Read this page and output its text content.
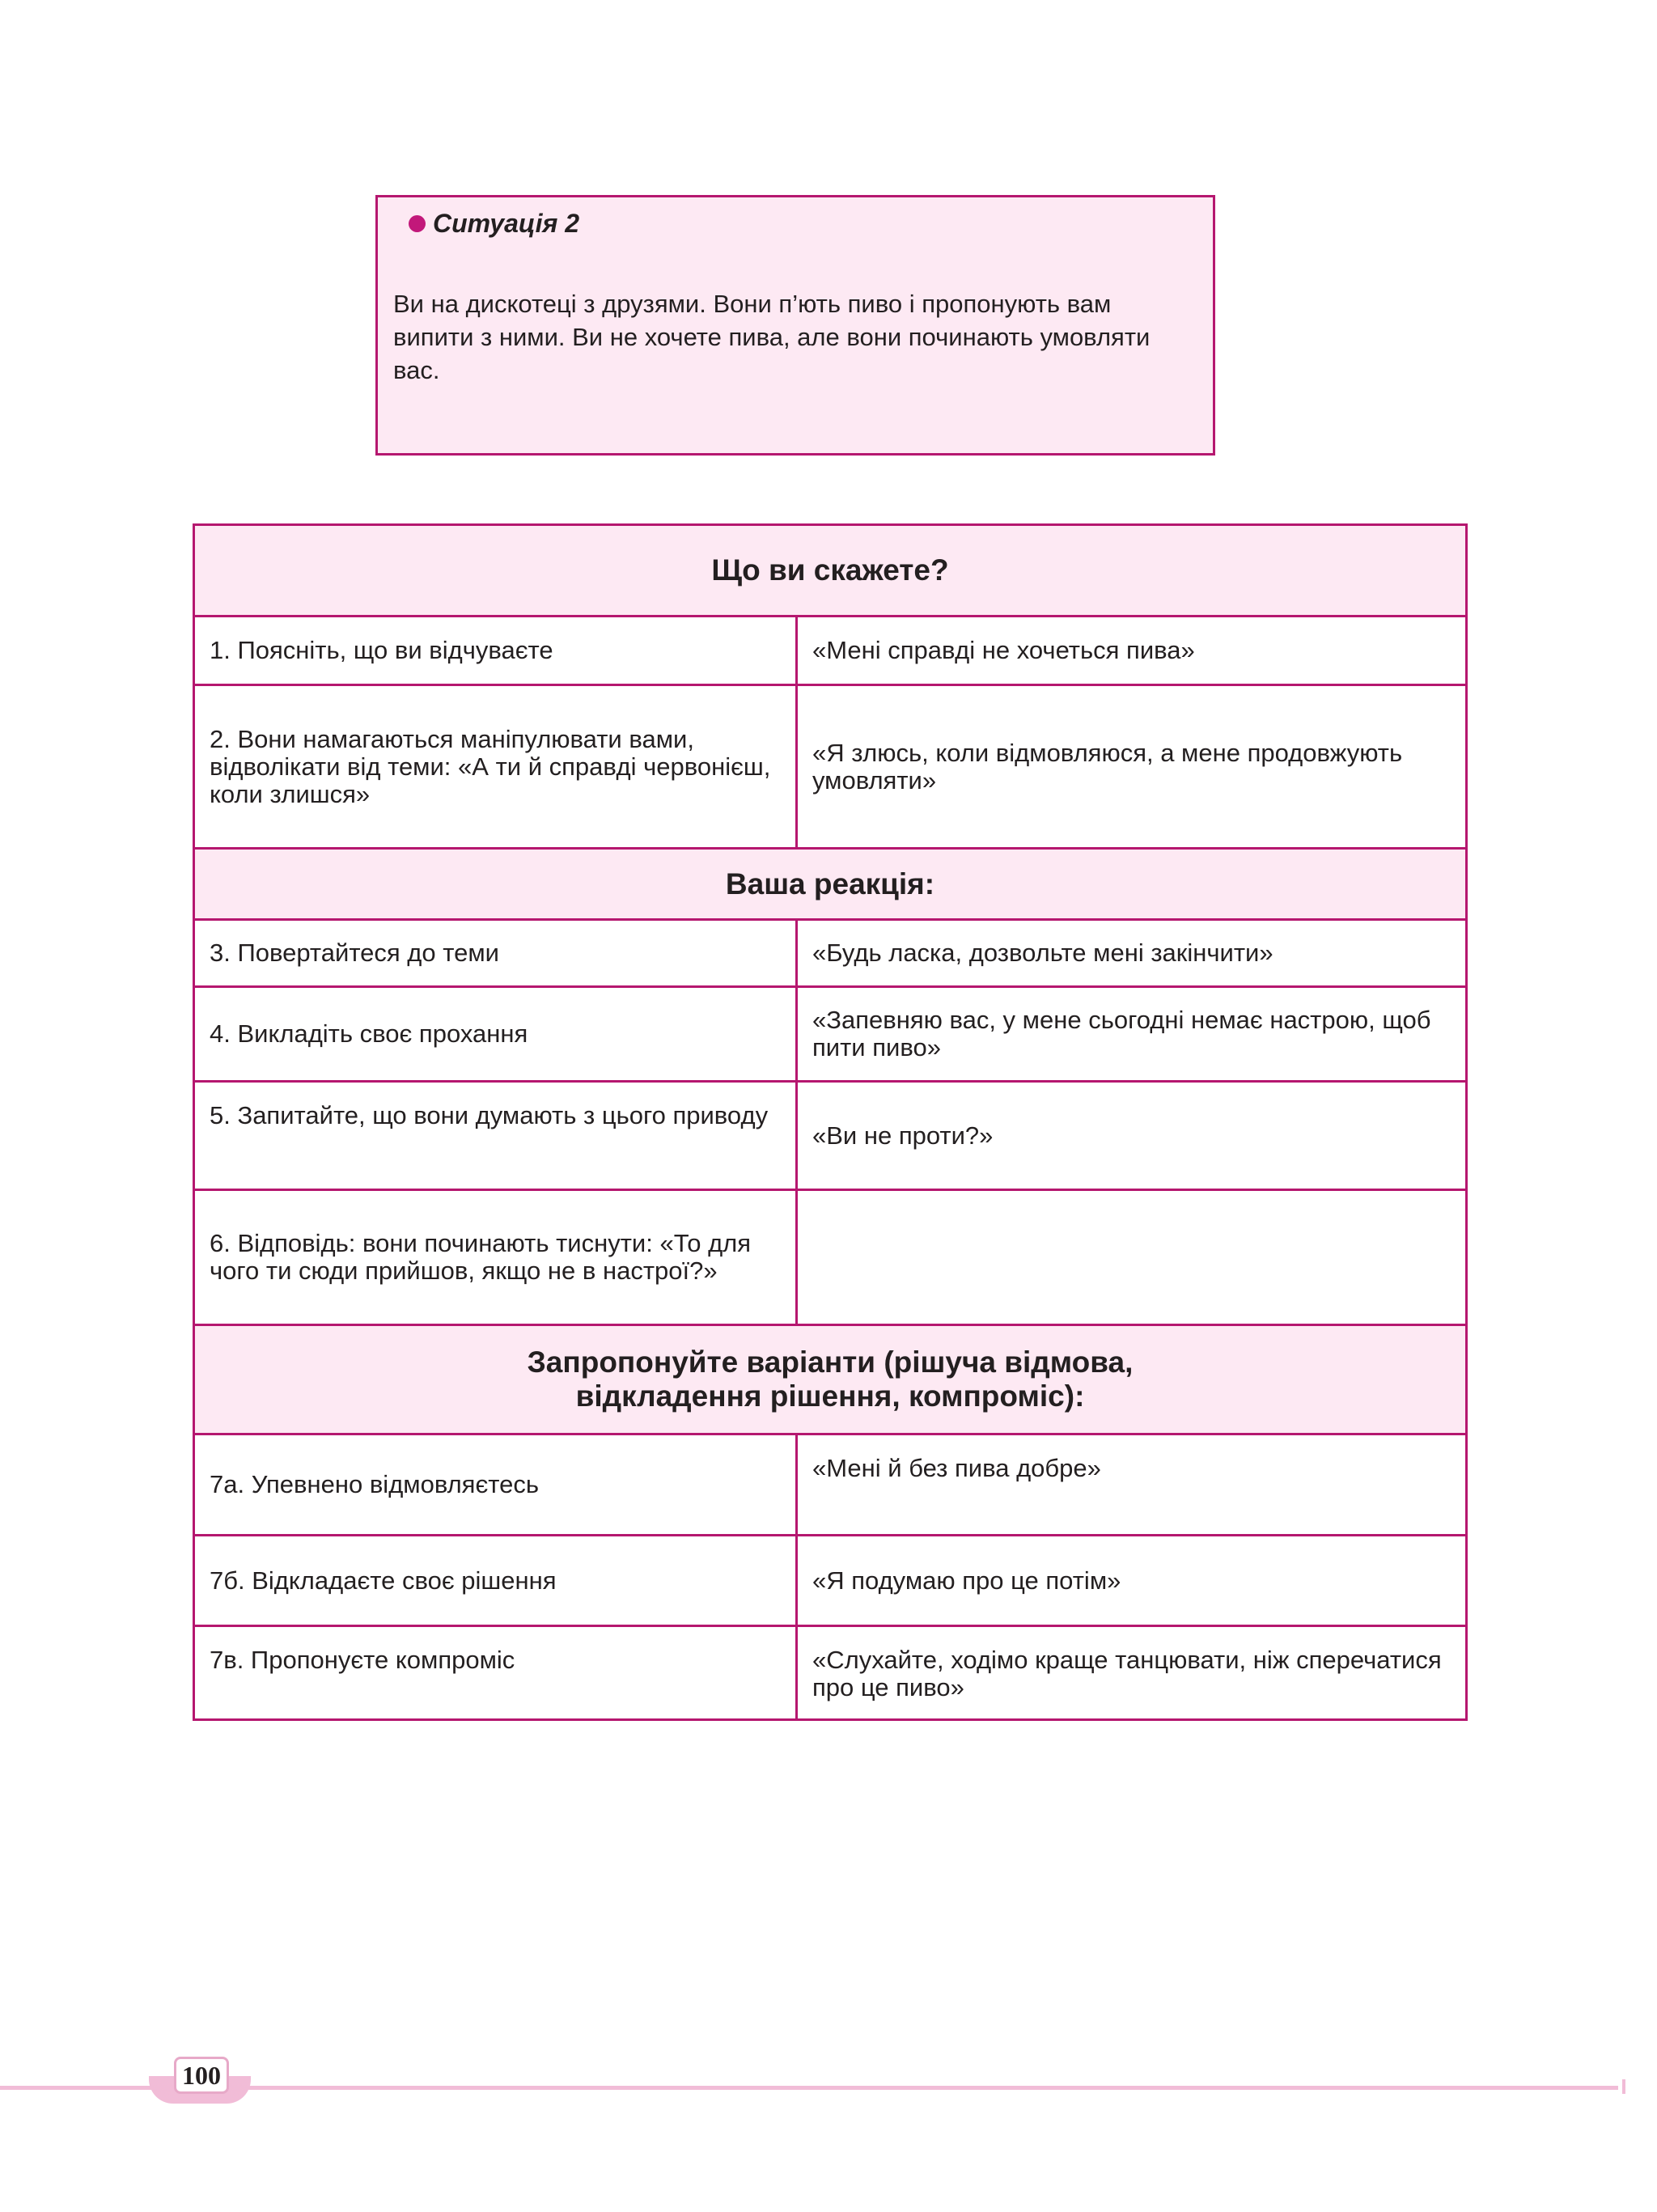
Ситуація 2

Ви на дискотеці з друзями. Вони п’ють пиво і пропонують вам випити з ними. Ви не хочете пива, але вони починають умовляти вас.

Що ви скажете?	
1. Поясніть, що ви відчуваєте	«Мені справді не хочеться пива»
2. Вони намагаються маніпулювати вами, відволікати від теми: «А ти й справді червонієш, коли злишся»	«Я злюсь, коли відмовляюся, а мене продовжують умовляти»
Ваша реакція:	
3. Повертайтеся до теми	«Будь ласка, дозвольте мені закінчити»
4. Викладіть своє прохання	«Запевняю вас, у мене сьогодні немає настрою, щоб пити пиво»
5. Запитайте, що вони думають з цього приводу	«Ви не проти?»
6. Відповідь: вони починають тиснути: «То для чого ти сюди прийшов, якщо не в настрої?»	

Запропонуйте варіанти (рішуча відмова,
відкладення рішення, компроміс):	

7а. Упевнено відмовляєтесь	«Мені й без пива добре»
7б. Відкладаєте своє рішення	«Я подумаю про це потім»
7в. Пропонуєте компроміс	«Слухайте, ходімо краще танцювати, ніж сперечатися про це пиво»
100
